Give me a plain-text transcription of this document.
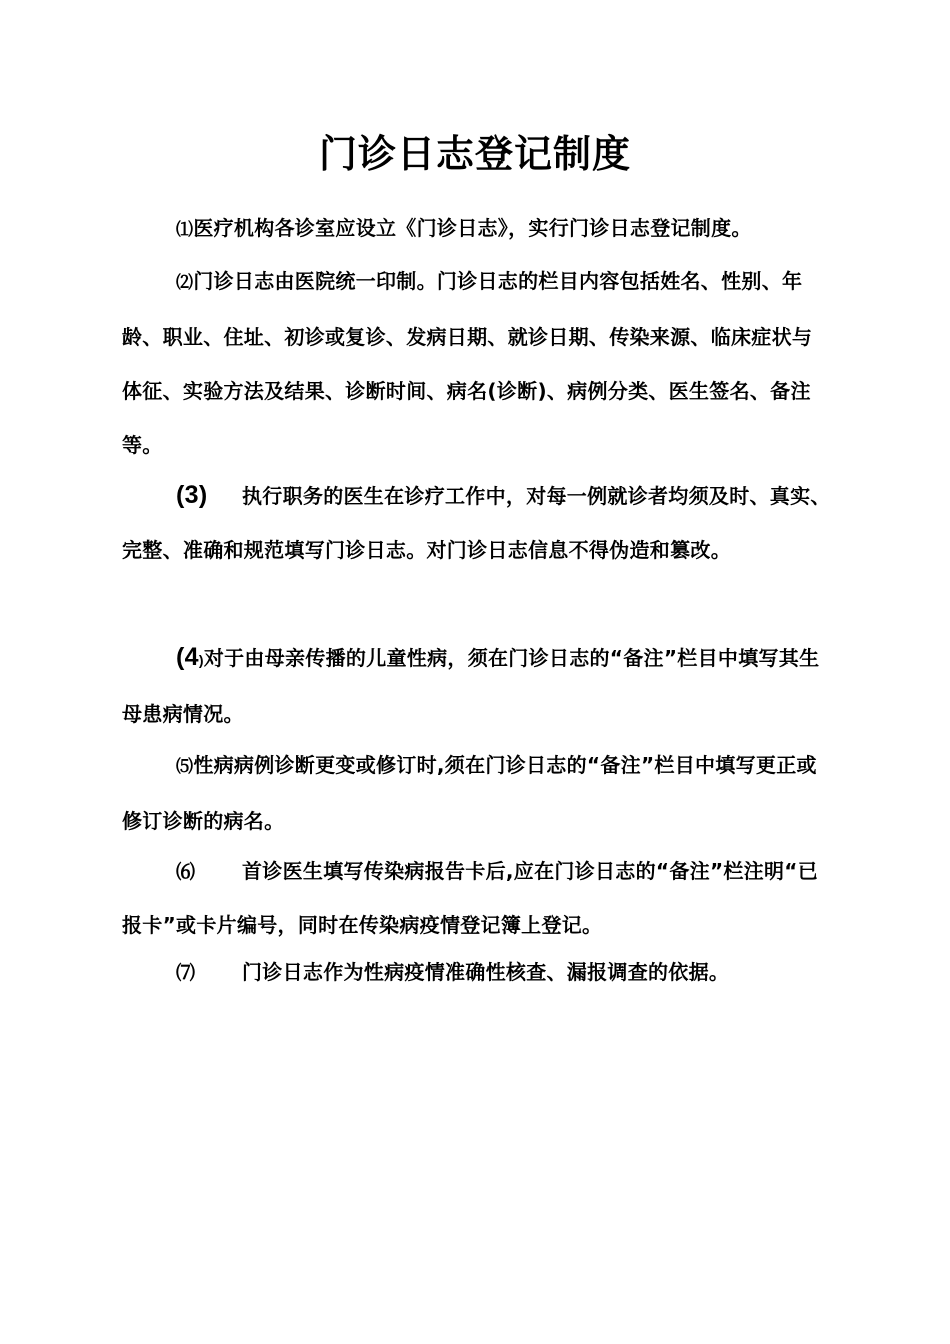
门诊日志登记制度
⑴医疗机构各诊室应设立《门诊日志》，实行门诊日志登记制度。
⑵门诊日志由医院统一印制。门诊日志的栏目内容包括姓名、性别、年龄、职业、住址、初诊或复诊、发病日期、就诊日期、传染来源、临床症状与体征、实验方法及结果、诊断时间、病名(诊断)、病例分类、医生签名、备注等。
(3) 执行职务的医生在诊疗工作中，对每一例就诊者均须及时、真实、完整、准确和规范填写门诊日志。对门诊日志信息不得伪造和篡改。
(4)对于由母亲传播的儿童性病，须在门诊日志的“备注”栏目中填写其生母患病情况。
⑸性病病例诊断更变或修订时,须在门诊日志的“备注”栏目中填写更正或修订诊断的病名。
⑹ 首诊医生填写传染病报告卡后,应在门诊日志的“备注”栏注明“已报卡”或卡片编号，同时在传染病疫情登记簿上登记。
⑺ 门诊日志作为性病疫情准确性核查、漏报调查的依据。
